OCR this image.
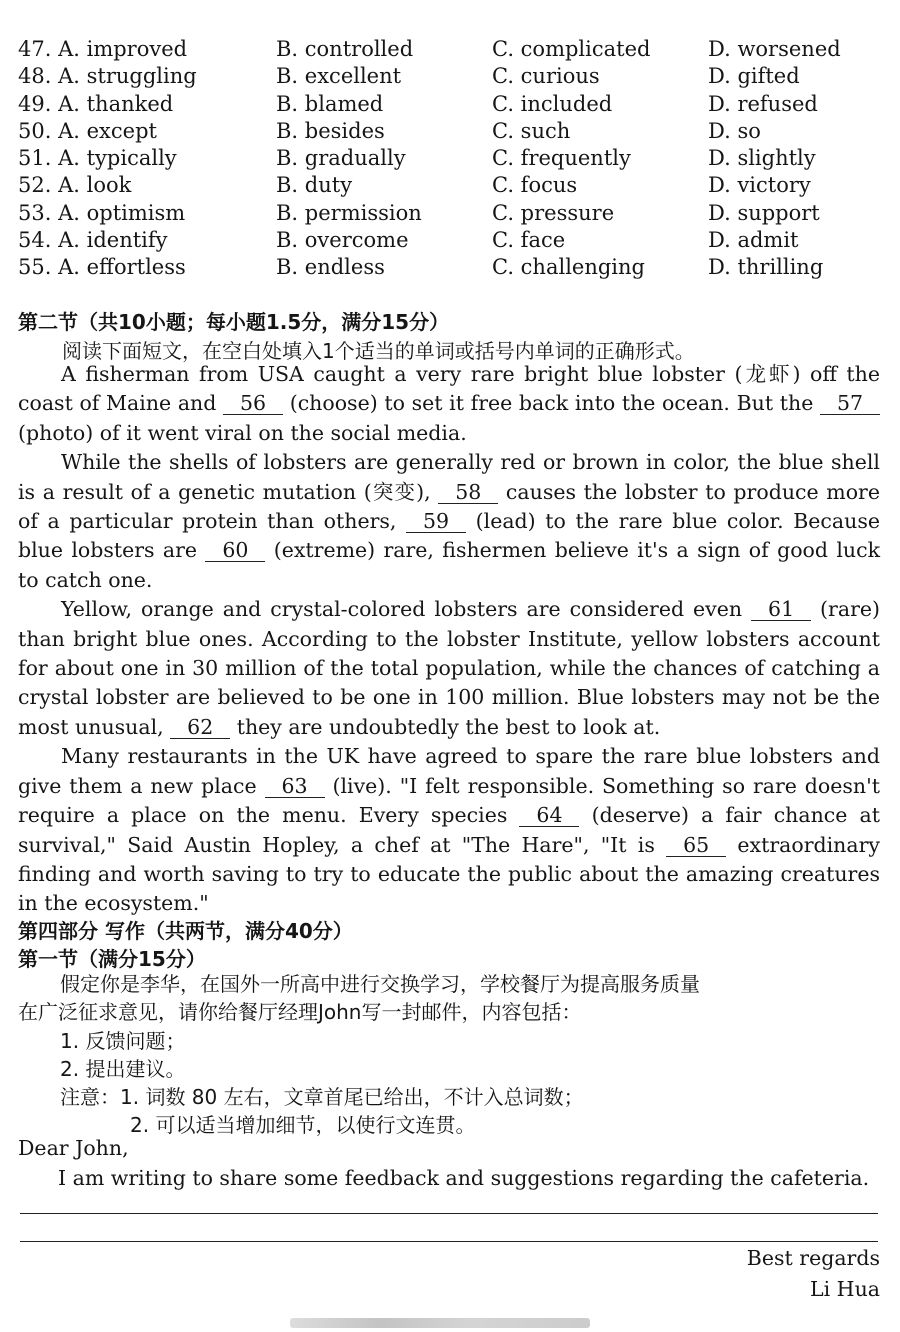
47. A. improved	B. controlled	C. complicated	D. worsened
48. A. struggling	B. excellent	C. curious	D. gifted
49. A. thanked	B. blamed	C. included	D. refused
50. A. except	B. besides	C. such	D. so
51. A. typically	B. gradually	C. frequently	D. slightly
52. A. look	B. duty	C. focus	D. victory
53. A. optimism	B. permission	C. pressure	D. support
54. A. identify	B. overcome	C. face	D. admit
55. A. effortless	B. endless	C. challenging	D. thrilling
第二节（共10小题；每小题1.5分，满分15分）
阅读下面短文，在空白处填入1个适当的单词或括号内单词的正确形式。

A fisherman from USA caught a very rare bright blue lobster (龙虾) off the coast of Maine and 56 (choose) to set it free back into the ocean. But the 57 (photo) of it went viral on the social media.

While the shells of lobsters are generally red or brown in color, the blue shell is a result of a genetic mutation (突变), 58 causes the lobster to produce more of a particular protein than others, 59 (lead) to the rare blue color. Because blue lobsters are 60 (extreme) rare, fishermen believe it's a sign of good luck to catch one.

Yellow, orange and crystal-colored lobsters are considered even 61 (rare) than bright blue ones. According to the lobster Institute, yellow lobsters account for about one in 30 million of the total population, while the chances of catching a crystal lobster are believed to be one in 100 million. Blue lobsters may not be the most unusual, 62 they are undoubtedly the best to look at.

Many restaurants in the UK have agreed to spare the rare blue lobsters and give them a new place 63 (live). "I felt responsible. Something so rare doesn't require a place on the menu. Every species 64 (deserve) a fair chance at survival," Said Austin Hopley, a chef at "The Hare", "It is 65 extraordinary finding and worth saving to try to educate the public about the amazing creatures in the ecosystem."

第四部分 写作（共两节，满分40分）
第一节（满分15分）
假定你是李华，在国外一所高中进行交换学习，学校餐厅为提高服务质量
在广泛征求意见，请你给餐厅经理John写一封邮件，内容包括：
1. 反馈问题；
2. 提出建议。
注意：1. 词数 80 左右，文章首尾已给出，不计入总词数；
2. 可以适当增加细节，以使行文连贯。
Dear John,
I am writing to share some feedback and suggestions regarding the cafeteria.
Best regards
Li Hua
